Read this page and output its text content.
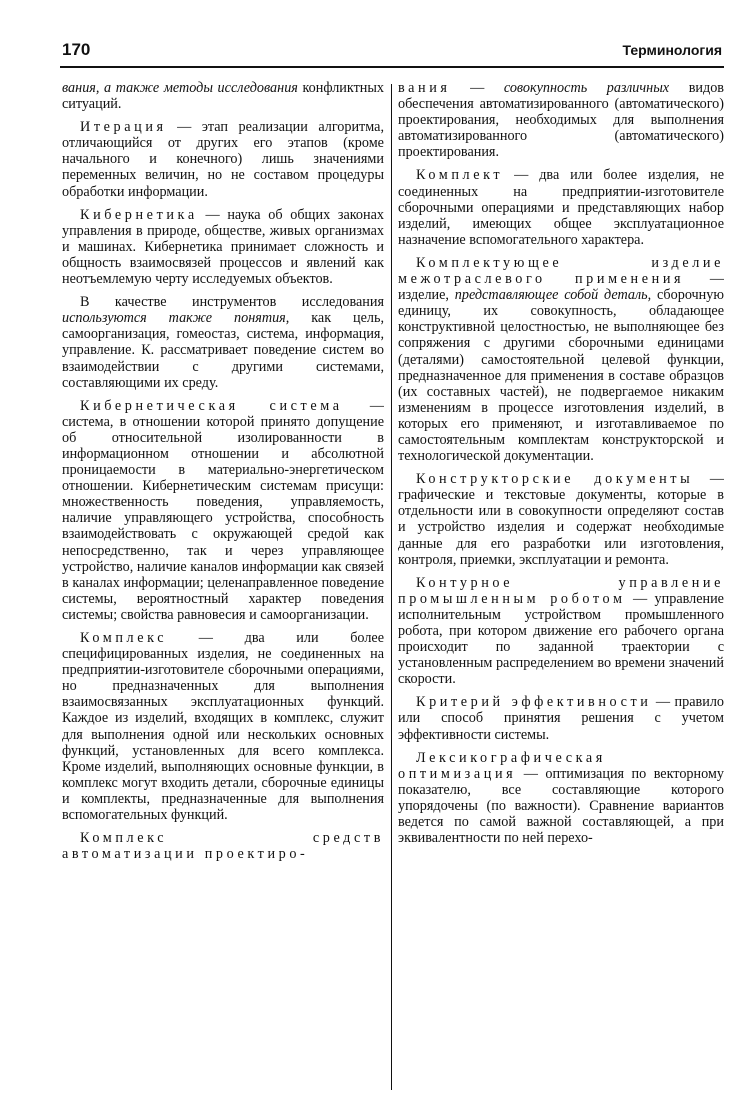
170	Терминология

вания, а также методы исследования конфликтных ситуаций.

Итерация — этап реализации алгоритма, отличающийся от других его этапов (кроме начального и конечного) лишь значениями переменных величин, но не составом процедуры обработки информации.

Кибернетика — наука об общих законах управления в природе, обществе, живых организмах и машинах. Кибернетика принимает сложность и общность взаимосвязей процессов и явлений как неотъемлемую черту исследуемых объектов.

В качестве инструментов исследования используются также понятия, как цель, самоорганизация, гомеостаз, система, информация, управление. К. рассматривает поведение систем во взаимодействии с другими системами, составляющими их среду.

Кибернетическая система — система, в отношении которой принято допущение об относительной изолированности в информационном отношении и абсолютной проницаемости в материально-энергетическом отношении. Кибернетическим системам присущи: множественность поведения, управляемость, наличие управляющего устройства, способность взаимодействовать с окружающей средой как непосредственно, так и через управляющее устройство, наличие каналов информации как связей в каналах информации; целенаправленное поведение системы, вероятностный характер поведения системы; свойства равновесия и самоорганизации.

Комплекс — два или более специфицированных изделия, не соединенных на предприятии-изготовителе сборочными операциями, но предназначенных для выполнения взаимосвязанных эксплуатационных функций. Каждое из изделий, входящих в комплекс, служит для выполнения одной или нескольких основных функций, установленных для всего комплекса. Кроме изделий, выполняющих основные функции, в комплекс могут входить детали, сборочные единицы и комплекты, предназначенные для выполнения вспомогательных функций.

Комплекс средств автоматизации проектиро-

вания — совокупность различных видов обеспечения автоматизированного (автоматического) проектирования, необходимых для выполнения автоматизированного (автоматического) проектирования.

Комплект — два или более изделия, не соединенных на предприятии-изготовителе сборочными операциями и представляющих набор изделий, имеющих общее эксплуатационное назначение вспомогательного характера.

Комплектующее изделие межотраслевого применения — изделие, представляющее собой деталь, сборочную единицу, их совокупность, обладающее конструктивной целостностью, не выполняющее без сопряжения с другими сборочными единицами (деталями) самостоятельной целевой функции, предназначенное для применения в составе образцов (их составных частей), не подвергаемое никаким изменениям в процессе изготовления изделий, в которых его применяют, и изготавливаемое по самостоятельным комплектам конструкторской и технологической документации.

Конструкторские документы — графические и текстовые документы, которые в отдельности или в совокупности определяют состав и устройство изделия и содержат необходимые данные для его разработки или изготовления, контроля, приемки, эксплуатации и ремонта.

Контурное управление промышленным роботом — управление исполнительным устройством промышленного робота, при котором движение его рабочего органа происходит по заданной траектории с установленным распределением во времени значений скорости.

Критерий эффективности — правило или способ принятия решения с учетом эффективности системы.

Лексикографическая оптимизация — оптимизация по векторному показателю, все составляющие которого упорядочены (по важности). Сравнение вариантов ведется по самой важной составляющей, а при эквивалентности по ней перехо-
